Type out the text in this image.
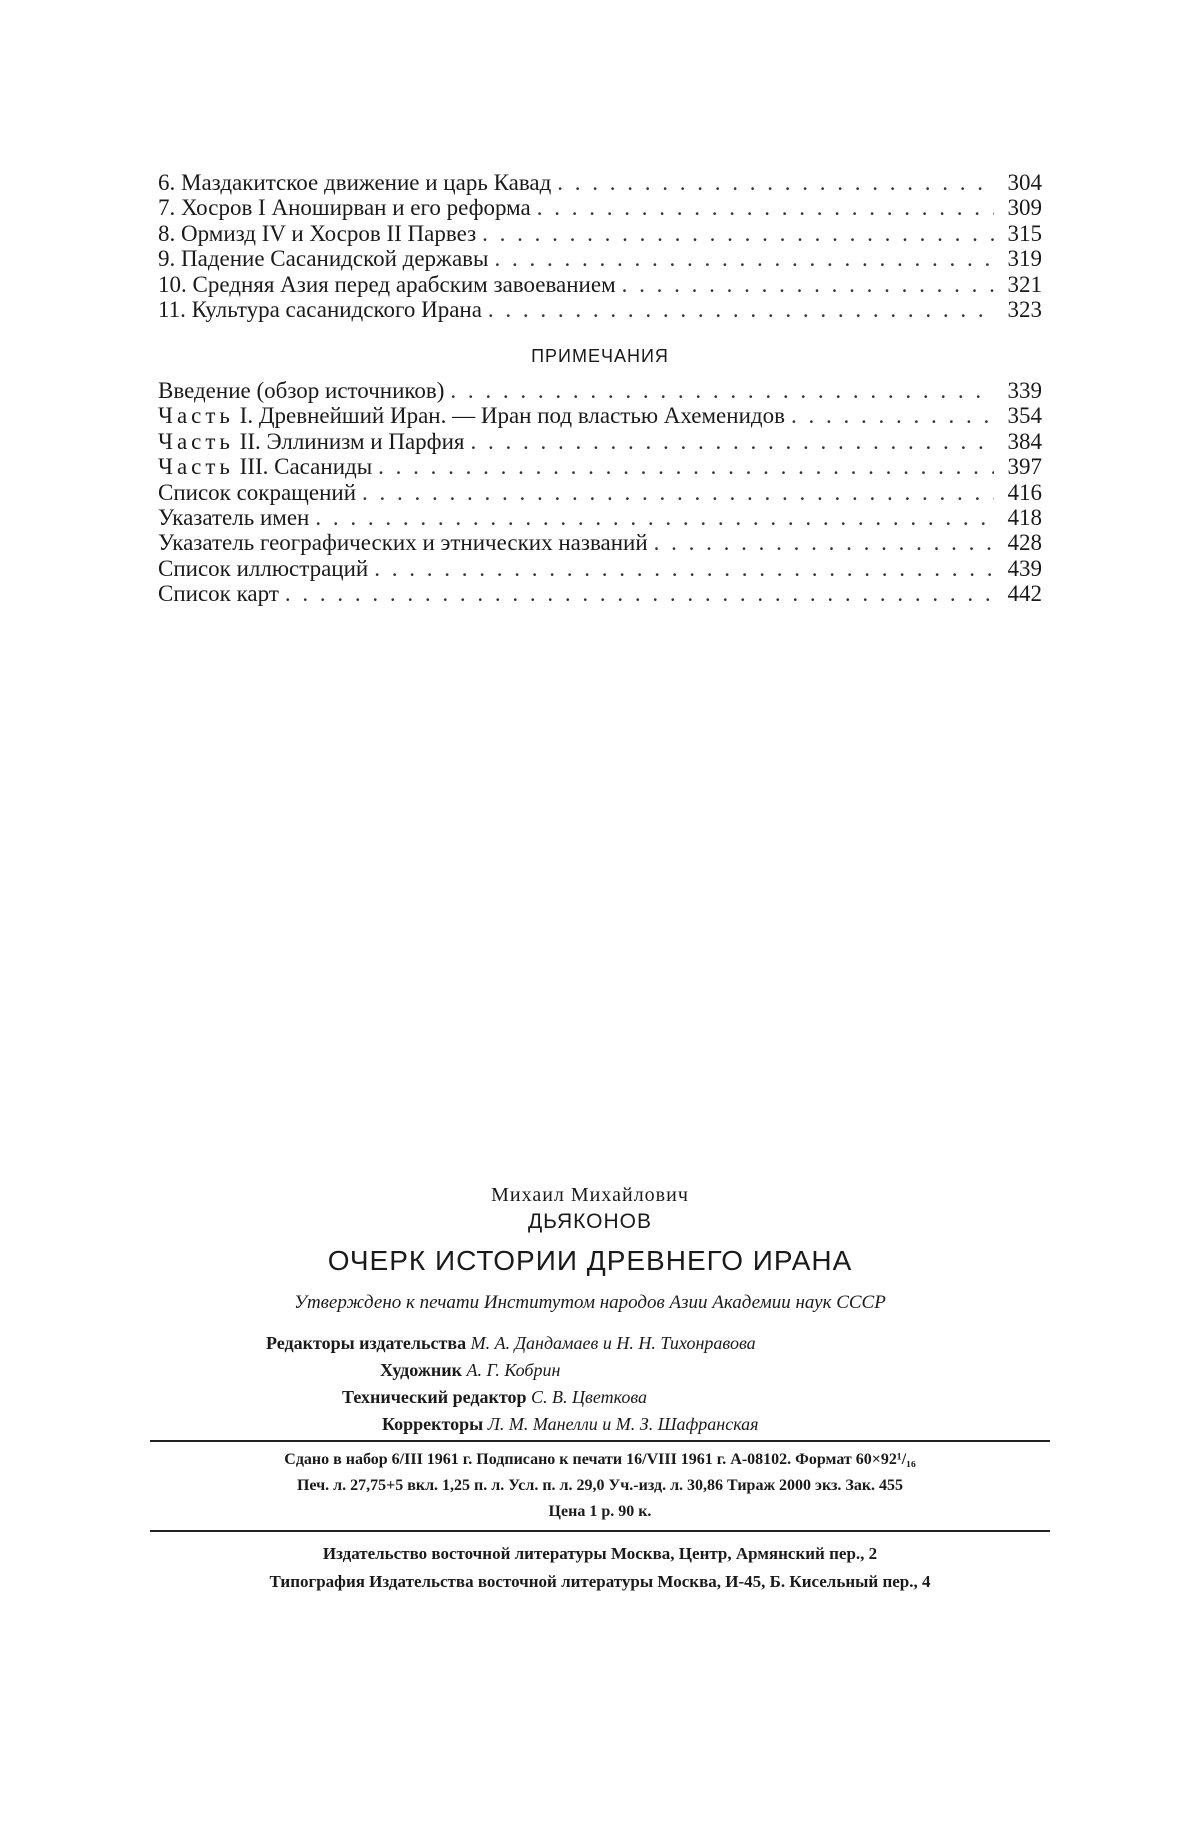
6. Маздакитское движение и царь Кавад . . .	304
7. Хосров I Аноширван и его реформа . . .	309
8. Ормизд IV и Хосров II Парвез . . .	315
9. Падение Сасанидской державы . . .	319
10. Средняя Азия перед арабским завоеванием . . .	321
11. Культура сасанидского Ирана . . .	323
ПРИМЕЧАНИЯ
Введение (обзор источников) . . .	339
Часть I. Древнейший Иран. — Иран под властью Ахеменидов . . .	354
Часть II. Эллинизм и Парфия . . .	384
Часть III. Сасаниды . . .	397
Список сокращений . . .	416
Указатель имен . . .	418
Указатель географических и этнических названий . . .	428
Список иллюстраций . . .	439
Список карт . . .	442
Михаил Михайлович
ДЬЯКОНОВ
ОЧЕРК ИСТОРИИ ДРЕВНЕГО ИРАНА
Утверждено к печати Институтом народов Азии Академии наук СССР
Редакторы издательства М. А. Дандамаев и Н. Н. Тихонравова
Художник А. Г. Кобрин
Технический редактор С. В. Цветкова
Корректоры Л. М. Манелли и М. З. Шафранская
Сдано в набор 6/III 1961 г. Подписано к печати 16/VIII 1961 г. А-08102. Формат 60×92¹/₁₆
Печ. л. 27,75+5 вкл. 1,25 п. л. Усл. п. л. 29,0 Уч.-изд. л. 30,86 Тираж 2000 экз. Зак. 455
Цена 1 р. 90 к.
Издательство восточной литературы Москва, Центр, Армянский пер., 2
Типография Издательства восточной литературы Москва, И-45, Б. Кисельный пер., 4
